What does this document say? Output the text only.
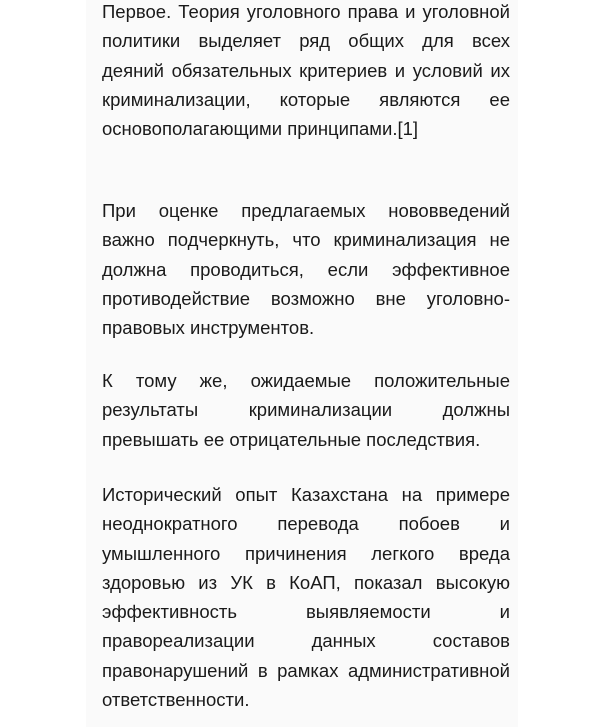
Первое. Теория уголовного права и уголовной политики выделяет ряд общих для всех деяний обязательных критериев и условий их криминализации, которые являются ее основополагающими принципами.[1]

При оценке предлагаемых нововведений важно подчеркнуть, что криминализация не должна проводиться, если эффективное противодействие возможно вне уголовно-правовых инструментов.

К тому же, ожидаемые положительные результаты криминализации должны превышать ее отрицательные последствия.

Исторический опыт Казахстана на примере неоднократного перевода побоев и умышленного причинения легкого вреда здоровью из УК в КоАП, показал высокую эффективность выявляемости и правореализации данных составов правонарушений в рамках административной ответственности.
